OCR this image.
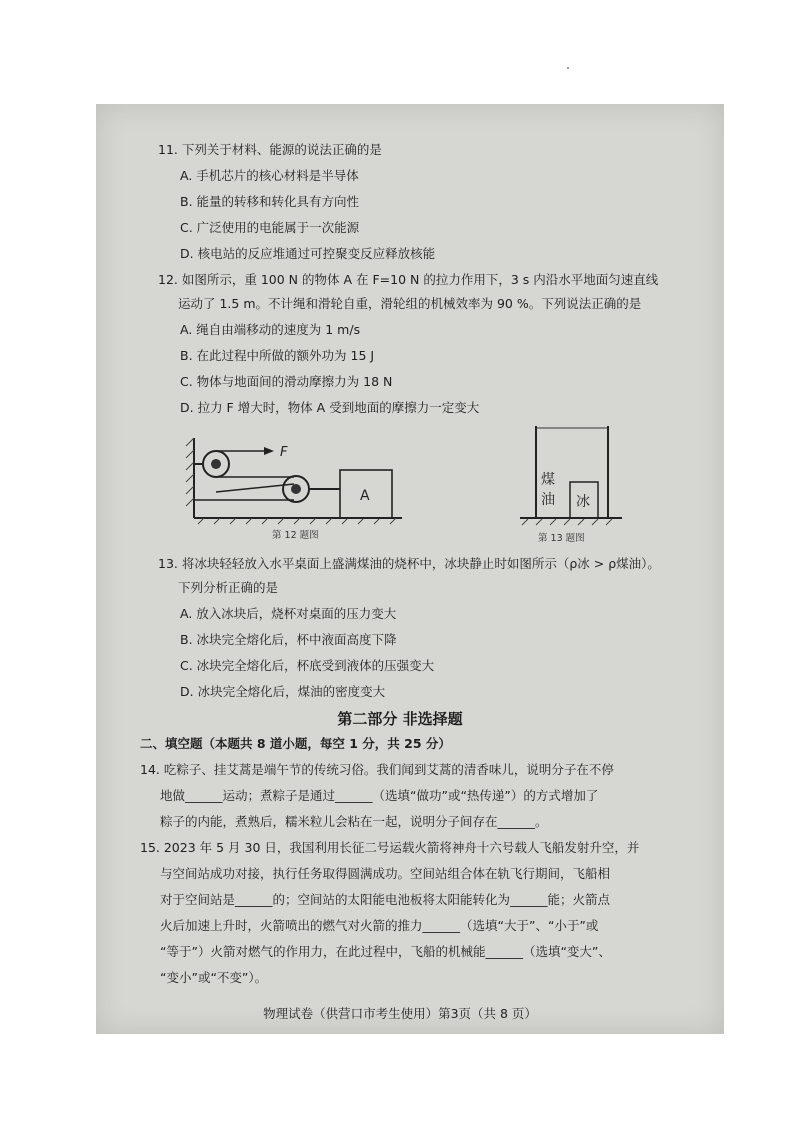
11. 下列关于材料、能源的说法正确的是
A. 手机芯片的核心材料是半导体
B. 能量的转移和转化具有方向性
C. 广泛使用的电能属于一次能源
D. 核电站的反应堆通过可控聚变反应释放核能
12. 如图所示，重 100 N 的物体 A 在 F=10 N 的拉力作用下，3 s 内沿水平地面匀速直线
运动了 1.5 m。不计绳和滑轮自重，滑轮组的机械效率为 90 %。下列说法正确的是
A. 绳自由端移动的速度为 1 m/s
B. 在此过程中所做的额外功为 15 J
C. 物体与地面间的滑动摩擦力为 18 N
D. 拉力 F 增大时，物体 A 受到地面的摩擦力一定变大
F
A
第 12 题图
煤
油 冰
第 13 题图
13. 将冰块轻轻放入水平桌面上盛满煤油的烧杯中，冰块静止时如图所示（ρ冰 > ρ煤油）。
下列分析正确的是
A. 放入冰块后，烧杯对桌面的压力变大
B. 冰块完全熔化后，杯中液面高度下降
C. 冰块完全熔化后，杯底受到液体的压强变大
D. 冰块完全熔化后，煤油的密度变大
第二部分 非选择题
二、填空题（本题共 8 道小题，每空 1 分，共 25 分）
14. 吃粽子、挂艾蒿是端午节的传统习俗。我们闻到艾蒿的清香味儿，说明分子在不停
地做______运动；煮粽子是通过______（选填“做功”或“热传递”）的方式增加了
粽子的内能，煮熟后，糯米粒儿会粘在一起，说明分子间存在______。
15. 2023 年 5 月 30 日，我国利用长征二号运载火箭将神舟十六号载人飞船发射升空，并
与空间站成功对接，执行任务取得圆满成功。空间站组合体在轨飞行期间，飞船相
对于空间站是______的；空间站的太阳能电池板将太阳能转化为______能；火箭点
火后加速上升时，火箭喷出的燃气对火箭的推力______（选填“大于”、“小于”或
“等于”）火箭对燃气的作用力，在此过程中，飞船的机械能______（选填“变大”、
“变小”或“不变”）。
物理试卷（供营口市考生使用）第3页（共 8 页）
